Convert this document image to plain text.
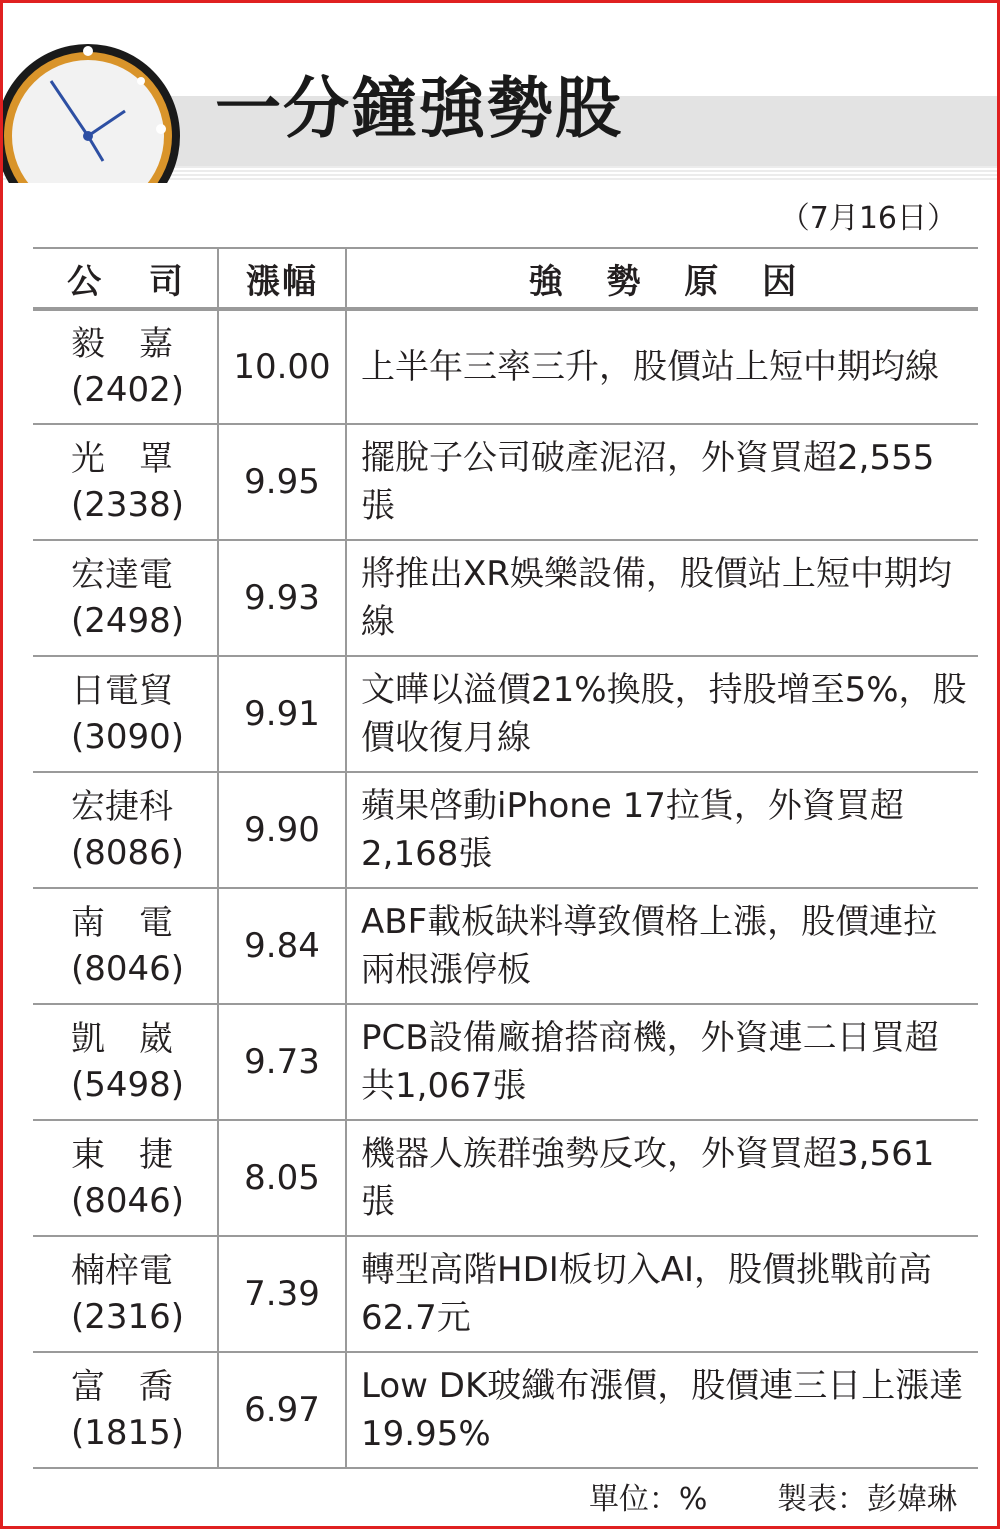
一分鐘強勢股
（7月16日）
公 司 漲幅	強 勢 原 因
毅　嘉
(2402)
10.00 上半年三率三升，股價站上短中期均線
光　罩
(2338)
9.95
擺脫子公司破產泥沼，外資買超2,555張
宏達電
(2498)
9.93
將推出XR娛樂設備，股價站上短中期均線
日電貿
(3090)
9.91
文曄以溢價21%換股，持股增至5%，股價收復月線
宏捷科
(8086)
9.90
蘋果啓動iPhone 17拉貨，外資買超2,168張
南　電
(8046)
9.84
ABF載板缺料導致價格上漲，股價連拉兩根漲停板
凱　崴
(5498)
9.73
PCB設備廠搶搭商機，外資連二日買超共1,067張
東　捷
(8046)
8.05
機器人族群強勢反攻，外資買超3,561張
楠梓電
(2316)
7.39
轉型高階HDI板切入AI，股價挑戰前高62.7元
富　喬
(1815)
6.97
Low DK玻纖布漲價，股價連三日上漲達19.95%
單位：% 製表：彭媁琳
